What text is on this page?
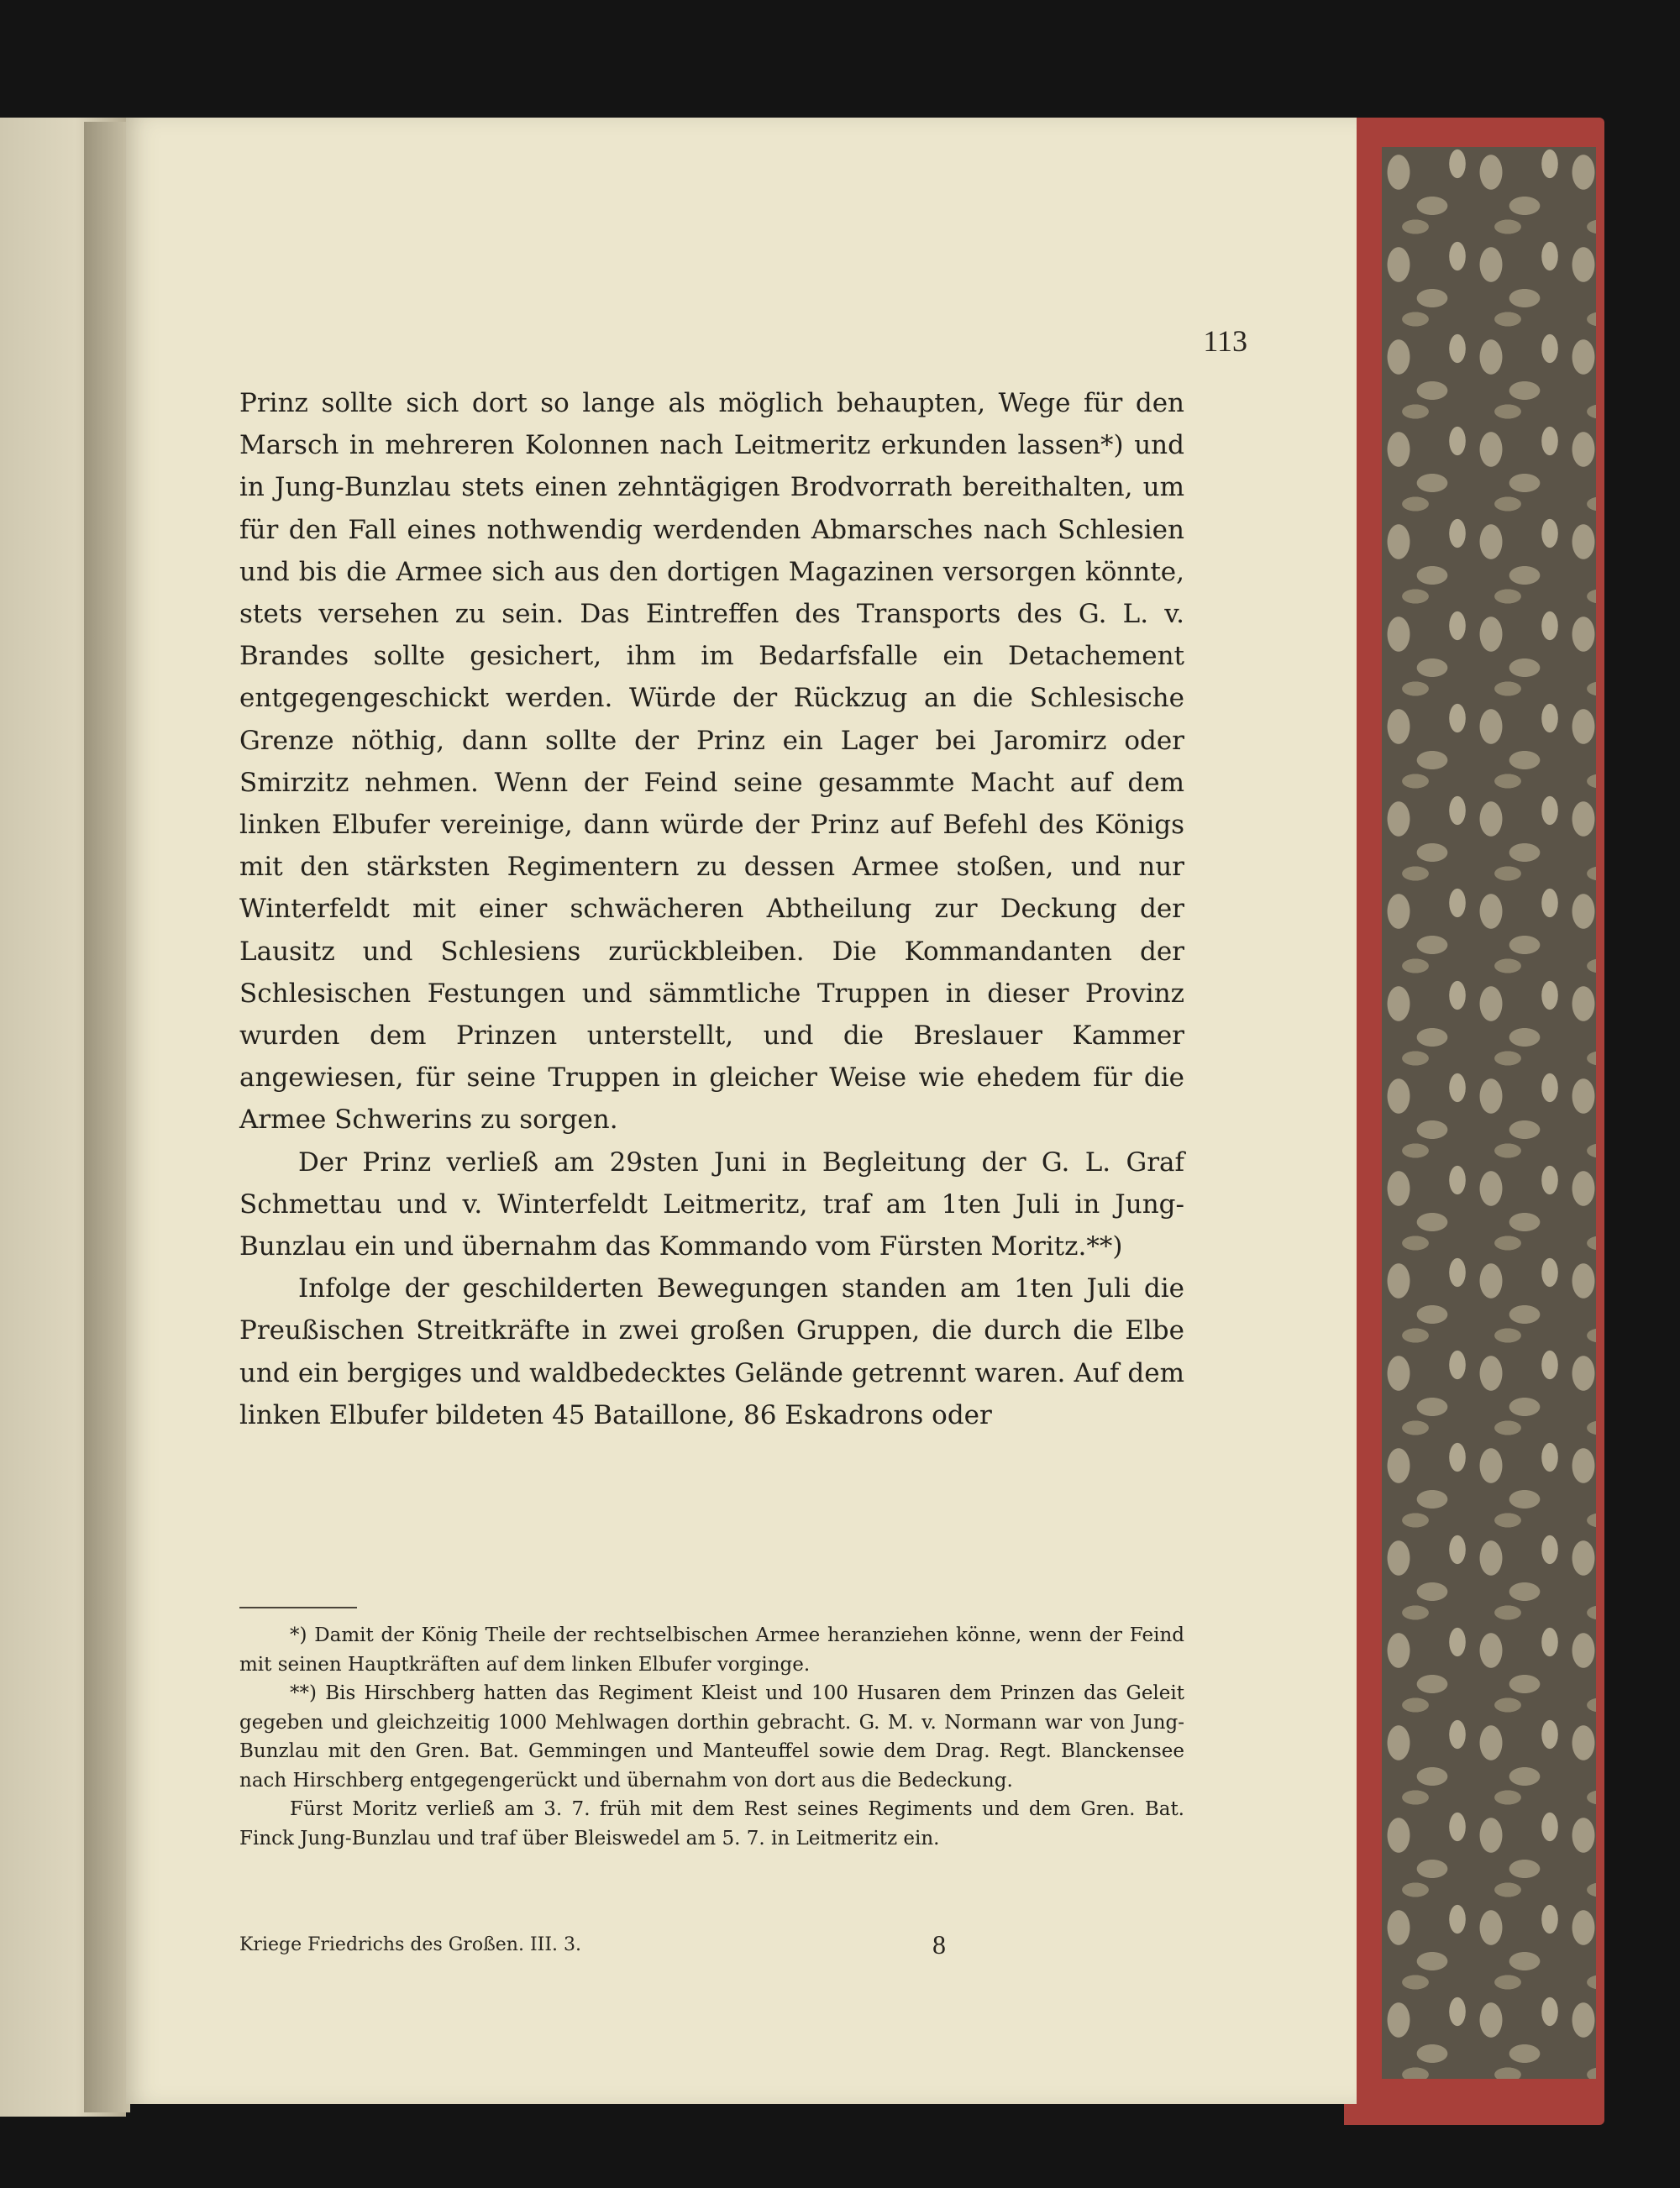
113

Prinz sollte sich dort so lange als möglich behaupten, Wege für den Marsch in mehreren Kolonnen nach Leitmeritz erkunden lassen*) und in Jung-Bunzlau stets einen zehntägigen Brodvorrath bereithalten, um für den Fall eines nothwendig werdenden Abmarsches nach Schlesien und bis die Armee sich aus den dortigen Magazinen versorgen könnte, stets versehen zu sein. Das Eintreffen des Transports des G. L. v. Brandes sollte gesichert, ihm im Bedarfsfalle ein Detachement entgegengeschickt werden. Würde der Rückzug an die Schlesische Grenze nöthig, dann sollte der Prinz ein Lager bei Jaromirz oder Smirzitz nehmen. Wenn der Feind seine gesammte Macht auf dem linken Elbufer vereinige, dann würde der Prinz auf Befehl des Königs mit den stärksten Regimentern zu dessen Armee stoßen, und nur Winterfeldt mit einer schwächeren Abtheilung zur Deckung der Lausitz und Schlesiens zurückbleiben. Die Kommandanten der Schlesischen Festungen und sämmtliche Truppen in dieser Provinz wurden dem Prinzen unterstellt, und die Breslauer Kammer angewiesen, für seine Truppen in gleicher Weise wie ehedem für die Armee Schwerins zu sorgen.

Der Prinz verließ am 29sten Juni in Begleitung der G. L. Graf Schmettau und v. Winterfeldt Leitmeritz, traf am 1ten Juli in Jung-Bunzlau ein und übernahm das Kommando vom Fürsten Moritz.**)

Infolge der geschilderten Bewegungen standen am 1ten Juli die Preußischen Streitkräfte in zwei großen Gruppen, die durch die Elbe und ein bergiges und waldbedecktes Gelände getrennt waren. Auf dem linken Elbufer bildeten 45 Bataillone, 86 Eskadrons oder

*) Damit der König Theile der rechtselbischen Armee heranziehen könne, wenn der Feind mit seinen Hauptkräften auf dem linken Elbufer vorginge.

**) Bis Hirschberg hatten das Regiment Kleist und 100 Husaren dem Prinzen das Geleit gegeben und gleichzeitig 1000 Mehlwagen dorthin gebracht. G. M. v. Normann war von Jung-Bunzlau mit den Gren. Bat. Gemmingen und Manteuffel sowie dem Drag. Regt. Blanckensee nach Hirschberg entgegengerückt und übernahm von dort aus die Bedeckung.

Fürst Moritz verließ am 3. 7. früh mit dem Rest seines Regiments und dem Gren. Bat. Finck Jung-Bunzlau und traf über Bleiswedel am 5. 7. in Leitmeritz ein.

Kriege Friedrichs des Großen. III. 3.	8
